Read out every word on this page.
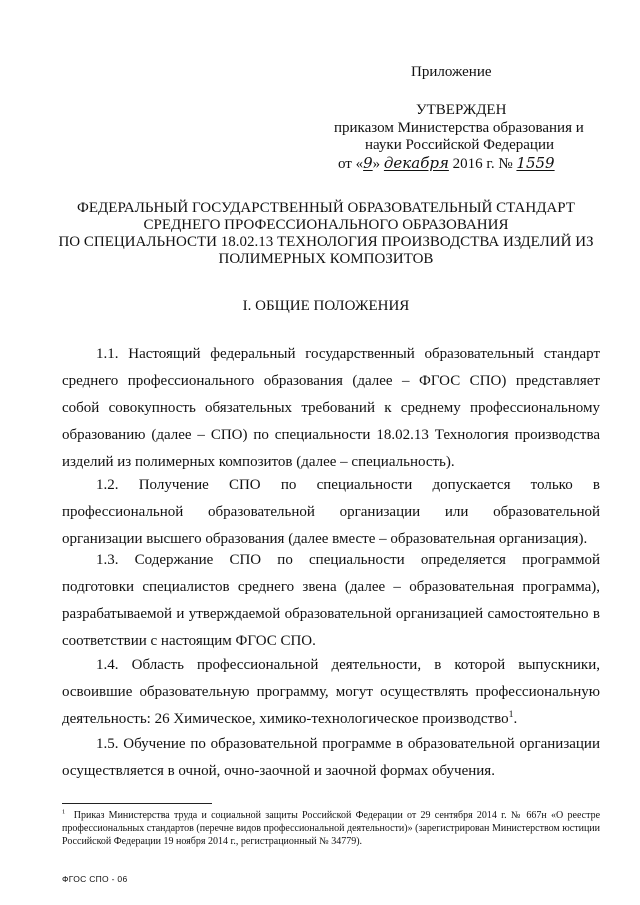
Приложение
УТВЕРЖДЕН
приказом Министерства образования и
науки Российской Федерации
от «9» декабря 2016 г. № 1559
ФЕДЕРАЛЬНЫЙ ГОСУДАРСТВЕННЫЙ ОБРАЗОВАТЕЛЬНЫЙ СТАНДАРТ
СРЕДНЕГО ПРОФЕССИОНАЛЬНОГО ОБРАЗОВАНИЯ
ПО СПЕЦИАЛЬНОСТИ 18.02.13 ТЕХНОЛОГИЯ ПРОИЗВОДСТВА ИЗДЕЛИЙ ИЗ
ПОЛИМЕРНЫХ КОМПОЗИТОВ
I. ОБЩИЕ ПОЛОЖЕНИЯ
1.1. Настоящий федеральный государственный образовательный стандарт среднего профессионального образования (далее – ФГОС СПО) представляет собой совокупность обязательных требований к среднему профессиональному образованию (далее – СПО) по специальности 18.02.13 Технология производства изделий из полимерных композитов (далее – специальность).
1.2. Получение СПО по специальности допускается только в профессиональной образовательной организации или образовательной организации высшего образования (далее вместе – образовательная организация).
1.3. Содержание СПО по специальности определяется программой подготовки специалистов среднего звена (далее – образовательная программа), разрабатываемой и утверждаемой образовательной организацией самостоятельно в соответствии с настоящим ФГОС СПО.
1.4. Область профессиональной деятельности, в которой выпускники, освоившие образовательную программу, могут осуществлять профессиональную деятельность: 26 Химическое, химико-технологическое производство$^1$.
1.5. Обучение по образовательной программе в образовательной организации осуществляется в очной, очно-заочной и заочной формах обучения.
$^1$ Приказ Министерства труда и социальной защиты Российской Федерации от 29 сентября 2014 г. № 667н «О реестре профессиональных стандартов (перечне видов профессиональной деятельности)» (зарегистрирован Министерством юстиции Российской Федерации 19 ноября 2014 г., регистрационный № 34779).
ФГОС СПО - 06
